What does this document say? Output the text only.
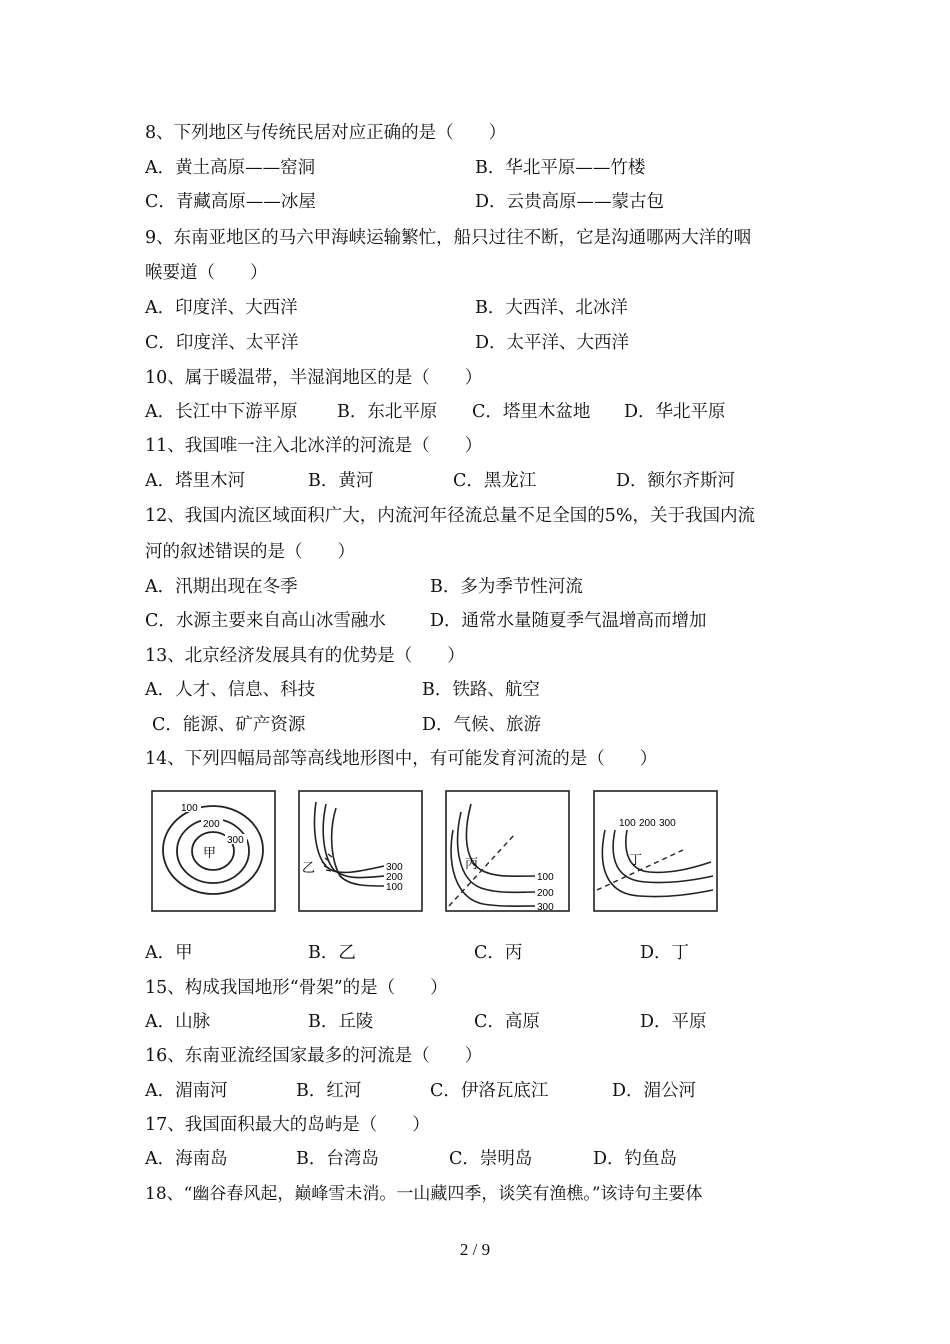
8、下列地区与传统民居对应正确的是（　　）
A．黄土高原——窑洞	B．华北平原——竹楼
C．青藏高原——冰屋	D．云贵高原——蒙古包
9、东南亚地区的马六甲海峡运输繁忙，船只过往不断，它是沟通哪两大洋的咽
喉要道（　　）
A．印度洋、大西洋	B．大西洋、北冰洋
C．印度洋、太平洋	D．太平洋、大西洋
10、属于暖温带，半湿润地区的是（　　）
A．长江中下游平原 B．东北平原 C．塔里木盆地 D．华北平原
11、我国唯一注入北冰洋的河流是（　　）
A．塔里木河	B．黄河	C．黑龙江	D．额尔齐斯河
12、我国内流区域面积广大，内流河年径流总量不足全国的5%，关于我国内流
河的叙述错误的是（　　）
A．汛期出现在冬季	B．多为季节性河流
C．水源主要来自高山冰雪融水	D．通常水量随夏季气温增高而增加
13、北京经济发展具有的优势是（　　）
A．人才、信息、科技	B．铁路、航空
C．能源、矿产资源	D．气候、旅游
14、下列四幅局部等高线地形图中，有可能发育河流的是（　　）
100
200
300
甲
300
200
100
乙
100
200
300
丙
100 200 300
丁
A．甲	B．乙	C．丙	D．丁
15、构成我国地形“骨架”的是（　　）
A．山脉	B．丘陵	C．高原	D．平原
16、东南亚流经国家最多的河流是（　　）
A．湄南河	B．红河	C．伊洛瓦底江	D．湄公河
17、我国面积最大的岛屿是（　　）
A．海南岛	B．台湾岛	C．崇明岛	D．钓鱼岛
18、“幽谷春风起，巅峰雪未消。一山藏四季，谈笑有渔樵。”该诗句主要体
2 / 9
